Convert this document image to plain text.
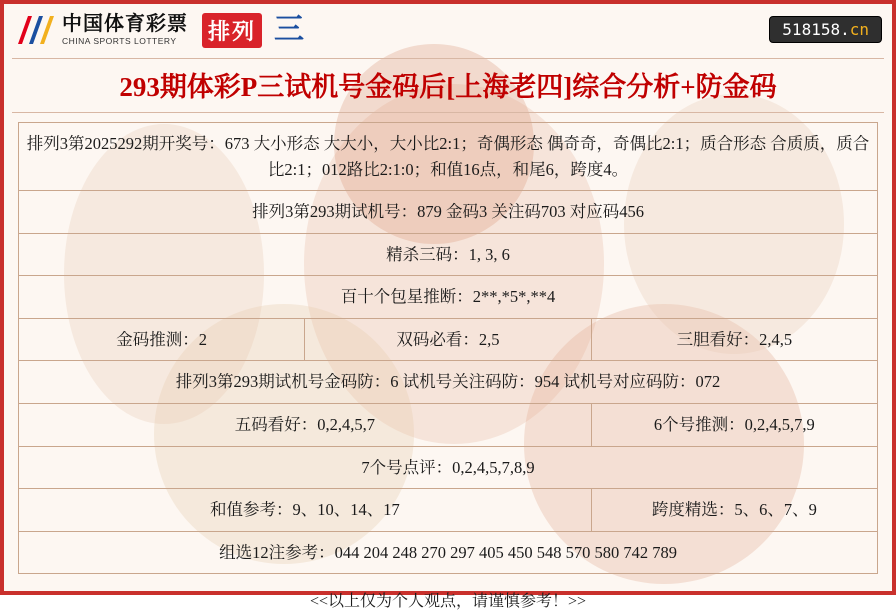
中国体育彩票
CHINA SPORTS LOTTERY	排列 三	518158.cn
293期体彩P三试机号金码后[上海老四]综合分析+防金码
排列3第2025292期开奖号：673 大小形态 大大小，大小比2:1；奇偶形态 偶奇奇，奇偶比2:1；质合形态 合质质，质合比2:1；012路比2:1:0；和值16点，和尾6，跨度4。		
排列3第293期试机号：879 金码3 关注码703 对应码456		
精杀三码：1, 3, 6		
百十个包星推断：2**,*5*,**4		
金码推测：2	双码必看：2,5	三胆看好：2,4,5
排列3第293期试机号金码防：6 试机号关注码防：954 试机号对应码防：072		
五码看好：0,2,4,5,7		6个号推测：0,2,4,5,7,9
7个号点评：0,2,4,5,7,8,9		
和值参考：9、10、14、17		跨度精选：5、6、7、9
组选12注参考：044 204 248 270 297 405 450 548 570 580 742 789		
<<以上仅为个人观点，请谨慎参考！>>
